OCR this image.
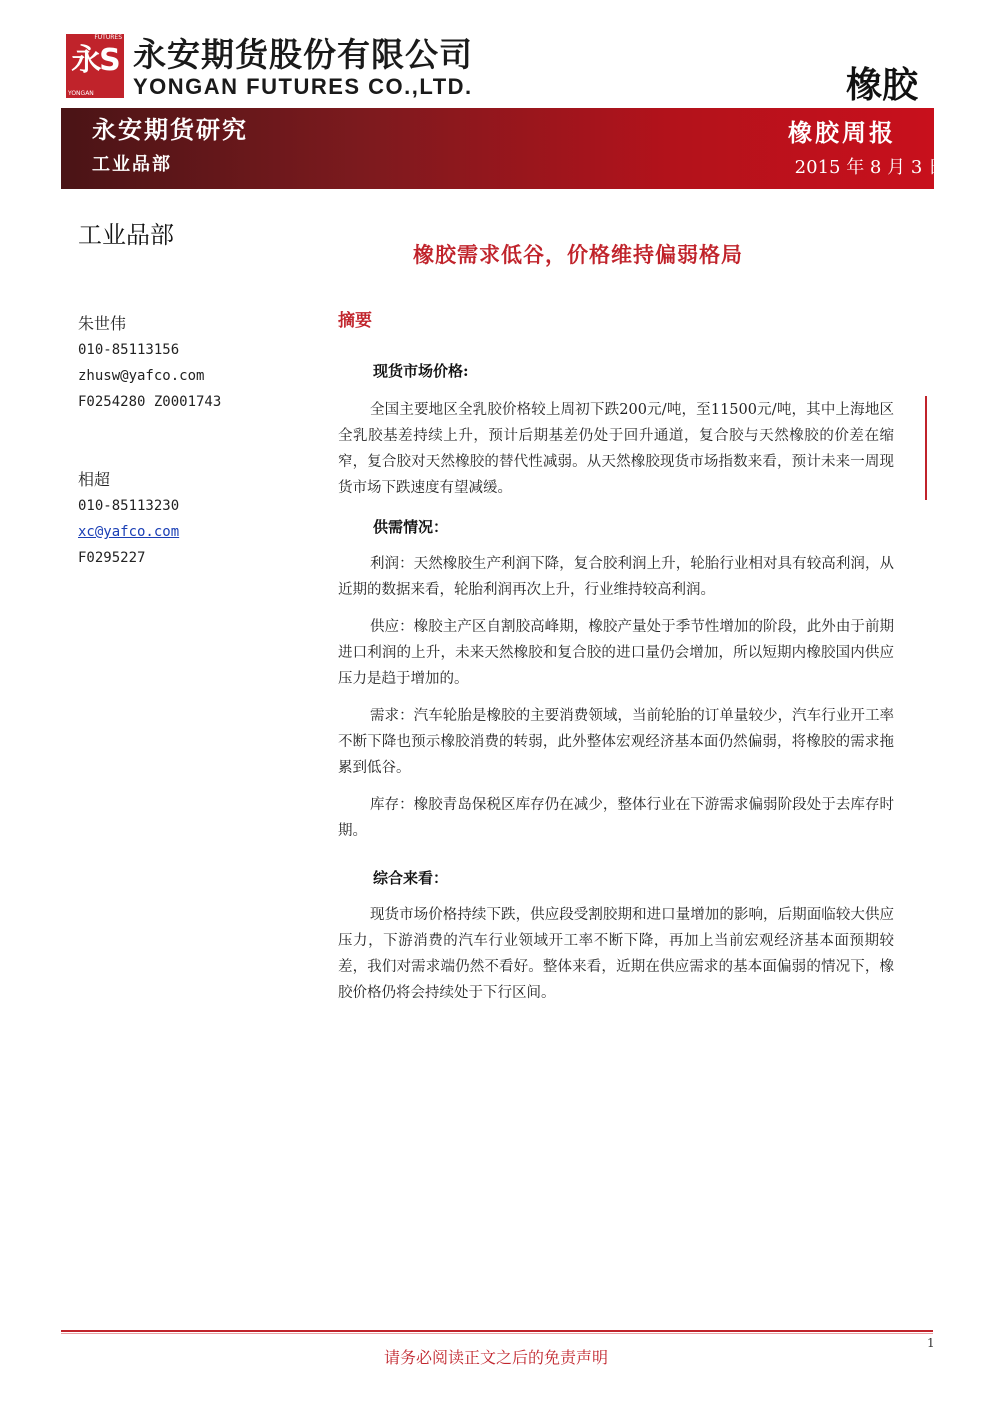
FUTURES
永S
YONGAN
永安期货股份有限公司
YONGAN FUTURES CO.,LTD.	橡胶
永安期货研究
工业品部
橡胶周报
2015 年 8 月 3 日
工业品部
朱世伟
010-85113156
zhusw@yafco.com
F0254280 Z0001743
相超
010-85113230
xc@yafco.com
F0295227
橡胶需求低谷，价格维持偏弱格局
摘要

现货市场价格:

全国主要地区全乳胶价格较上周初下跌200元/吨，至11500元/吨，其中上海地区全乳胶基差持续上升，预计后期基差仍处于回升通道，复合胶与天然橡胶的价差在缩窄，复合胶对天然橡胶的替代性减弱。从天然橡胶现货市场指数来看，预计未来一周现货市场下跌速度有望减缓。

供需情况：

利润：天然橡胶生产利润下降，复合胶利润上升，轮胎行业相对具有较高利润，从近期的数据来看，轮胎利润再次上升，行业维持较高利润。

供应：橡胶主产区自割胶高峰期，橡胶产量处于季节性增加的阶段，此外由于前期进口利润的上升，未来天然橡胶和复合胶的进口量仍会增加，所以短期内橡胶国内供应压力是趋于增加的。

需求：汽车轮胎是橡胶的主要消费领域，当前轮胎的订单量较少，汽车行业开工率不断下降也预示橡胶消费的转弱，此外整体宏观经济基本面仍然偏弱，将橡胶的需求拖累到低谷。

库存：橡胶青岛保税区库存仍在减少，整体行业在下游需求偏弱阶段处于去库存时期。

综合来看：

现货市场价格持续下跌，供应段受割胶期和进口量增加的影响，后期面临较大供应压力，下游消费的汽车行业领域开工率不断下降，再加上当前宏观经济基本面预期较差，我们对需求端仍然不看好。整体来看，近期在供应需求的基本面偏弱的情况下，橡胶价格仍将会持续处于下行区间。

1
请务必阅读正文之后的免责声明
